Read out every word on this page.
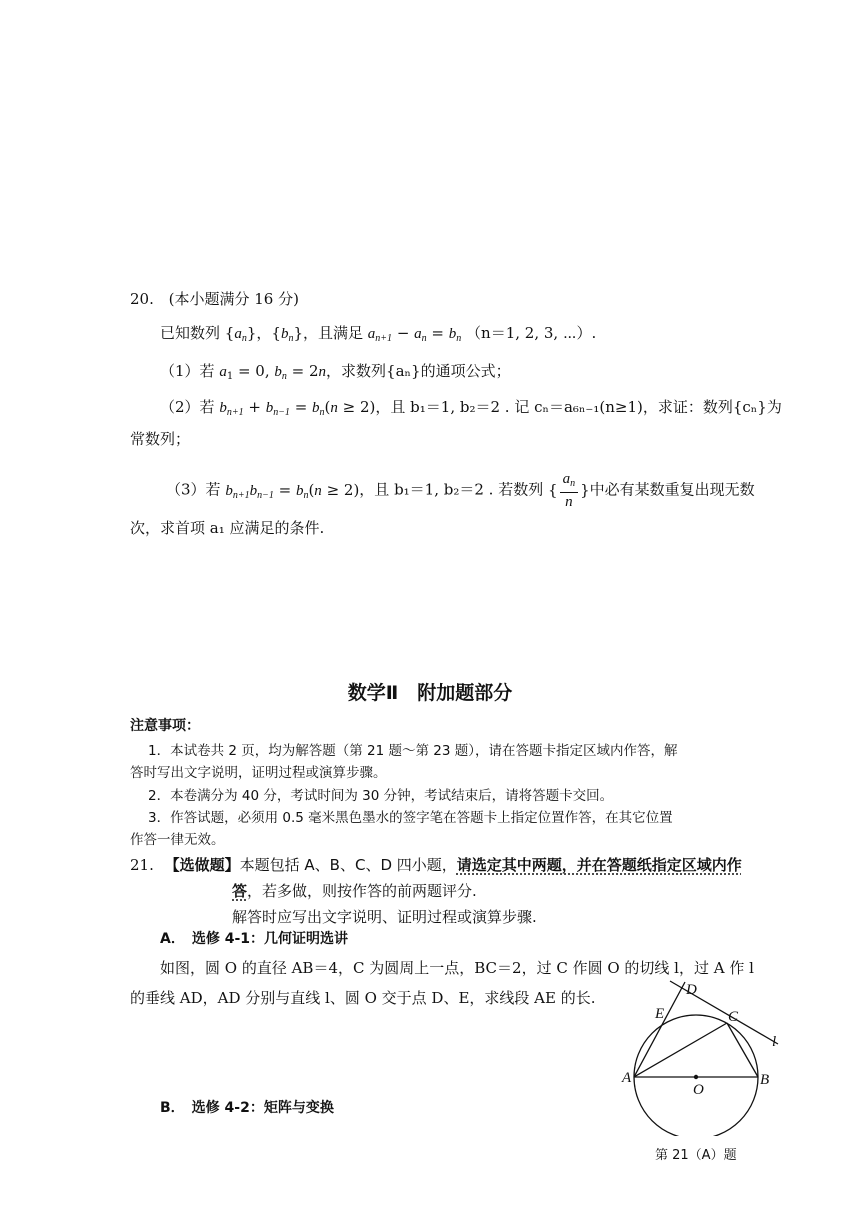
20. (本小题满分 16 分)
已知数列 $\{a_n\}$，$\{b_n\}$，且满足 $a_{n+1} - a_n = b_n$ （n＝1, 2, 3, ⋯）.
（1）若 $a_1 = 0$, $b_n = 2n$，求数列{aₙ}的通项公式；
（2）若 $b_{n+1} + b_{n-1} = b_n(n \ge 2)$，且 b₁＝1, b₂＝2 . 记 cₙ＝a₆ₙ₋₁(n≥1)，求证：数列{cₙ}为
常数列；
（3）若 $b_{n+1}b_{n-1} = b_n(n \ge 2)$，且 b₁＝1, b₂＝2 . 若数列 { $\frac{a_n}{n}$ }中必有某数重复出现无数
次，求首项 a₁ 应满足的条件.
数学Ⅱ　附加题部分
注意事项：
1．本试卷共 2 页，均为解答题（第 21 题～第 23 题），请在答题卡指定区域内作答，解
答时写出文字说明，证明过程或演算步骤。
2．本卷满分为 40 分，考试时间为 30 分钟，考试结束后，请将答题卡交回。
3．作答试题，必须用 0.5 毫米黑色墨水的签字笔在答题卡上指定位置作答，在其它位置
作答一律无效。
21. 【选做题】本题包括 A、B、C、D 四小题，请选定其中两题，并在答题纸指定区域内作
答，若多做，则按作答的前两题评分.
解答时应写出文字说明、证明过程或演算步骤.
A．　选修 4-1：几何证明选讲
如图，圆 O 的直径 AB＝4，C 为圆周上一点，BC＝2，过 C 作圆 O 的切线 l，过 A 作 l
的垂线 AD，AD 分别与直线 l、圆 O 交于点 D、E，求线段 AE 的长.
B．　选修 4-2：矩阵与变换
A	B
C
D
E
O
l
第 21（A）题
